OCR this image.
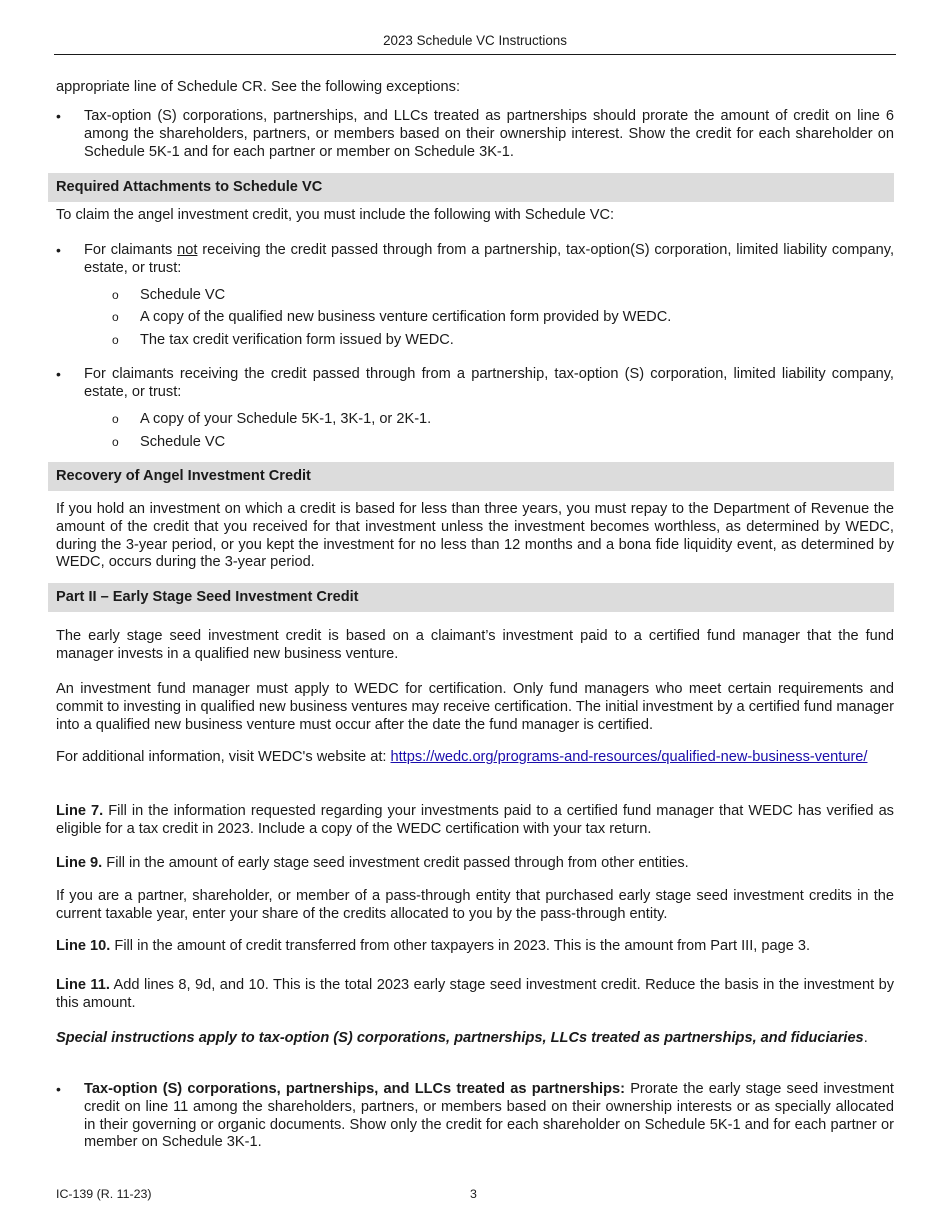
2023 Schedule VC Instructions

appropriate line of Schedule CR. See the following exceptions:

• Tax-option (S) corporations, partnerships, and LLCs treated as partnerships should prorate the amount of credit on line 6 among the shareholders, partners, or members based on their ownership interest. Show the credit for each shareholder on Schedule 5K-1 and for each partner or member on Schedule 3K-1.
Required Attachments to Schedule VC

To claim the angel investment credit, you must include the following with Schedule VC:

• For claimants not receiving the credit passed through from a partnership, tax-option(S) corporation, limited liability company, estate, or trust:
o Schedule VC
o A copy of the qualified new business venture certification form provided by WEDC.
o The tax credit verification form issued by WEDC.
• For claimants receiving the credit passed through from a partnership, tax-option (S) corporation, limited liability company, estate, or trust:
o A copy of your Schedule 5K-1, 3K-1, or 2K-1.
o Schedule VC
Recovery of Angel Investment Credit

If you hold an investment on which a credit is based for less than three years, you must repay to the Department of Revenue the amount of the credit that you received for that investment unless the investment becomes worthless, as determined by WEDC, during the 3-year period, or you kept the investment for no less than 12 months and a bona fide liquidity event, as determined by WEDC, occurs during the 3-year period.

Part II – Early Stage Seed Investment Credit

The early stage seed investment credit is based on a claimant’s investment paid to a certified fund manager that the fund manager invests in a qualified new business venture.

An investment fund manager must apply to WEDC for certification. Only fund managers who meet certain requirements and commit to investing in qualified new business ventures may receive certification. The initial investment by a certified fund manager into a qualified new business venture must occur after the date the fund manager is certified.

For additional information, visit WEDC's website at: https://wedc.org/programs-and-resources/qualified-new-business-venture/

Line 7. Fill in the information requested regarding your investments paid to a certified fund manager that WEDC has verified as eligible for a tax credit in 2023. Include a copy of the WEDC certification with your tax return.

Line 9. Fill in the amount of early stage seed investment credit passed through from other entities.

If you are a partner, shareholder, or member of a pass-through entity that purchased early stage seed investment credits in the current taxable year, enter your share of the credits allocated to you by the pass-through entity.

Line 10. Fill in the amount of credit transferred from other taxpayers in 2023. This is the amount from Part III, page 3.

Line 11. Add lines 8, 9d, and 10. This is the total 2023 early stage seed investment credit. Reduce the basis in the investment by this amount.

Special instructions apply to tax-option (S) corporations, partnerships, LLCs treated as partnerships, and fiduciaries.

• Tax-option (S) corporations, partnerships, and LLCs treated as partnerships: Prorate the early stage seed investment credit on line 11 among the shareholders, partners, or members based on their ownership interests or as specially allocated in their governing or organic documents. Show only the credit for each shareholder on Schedule 5K-1 and for each partner or member on Schedule 3K-1.
IC-139 (R. 11-23)	3
